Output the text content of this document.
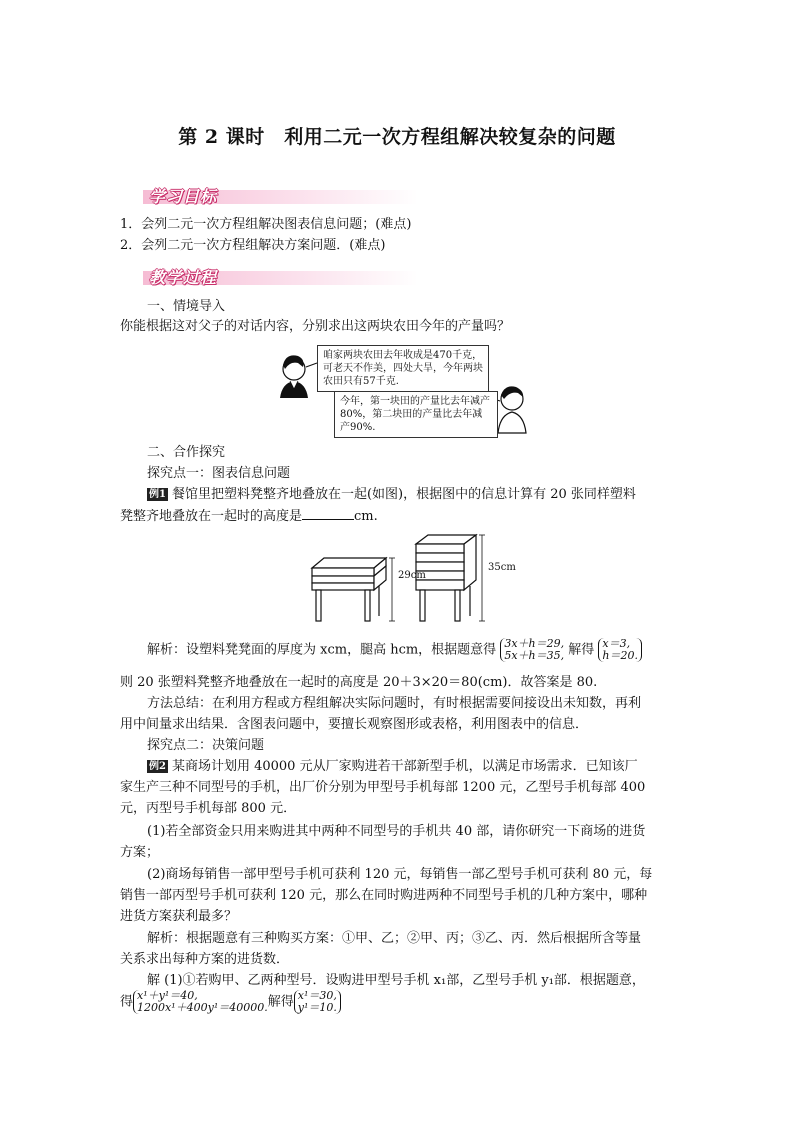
第 2 课时　利用二元一次方程组解决较复杂的问题
学习目标
1．会列二元一次方程组解决图表信息问题；(难点)
2．会列二元一次方程组解决方案问题．(难点)
教学过程
一、情境导入
你能根据这对父子的对话内容，分别求出这两块农田今年的产量吗？
咱家两块农田去年收成是470千克，可老天不作美，四处大旱，今年两块农田只有57千克.
今年，第一块田的产量比去年减产80%，第二块田的产量比去年减产90%.
二、合作探究
探究点一：图表信息问题
例1 餐馆里把塑料凳整齐地叠放在一起(如图)，根据图中的信息计算有 20 张同样塑料
凳整齐地叠放在一起时的高度是	cm.
29cm
35cm
解析：设塑料凳凳面的厚度为 xcm，腿高 hcm，根据题意得 3x＋h＝29,
5x＋h＝35, 解得 x＝3,
h＝20.
则 20 张塑料凳整齐地叠放在一起时的高度是 20＋3×20＝80(cm)．故答案是 80.
方法总结：在利用方程或方程组解决实际问题时，有时根据需要间接设出未知数，再利
用中间量求出结果．含图表问题中，要擅长观察图形或表格，利用图表中的信息．
探究点二：决策问题
例2 某商场计划用 40000 元从厂家购进若干部新型手机，以满足市场需求．已知该厂
家生产三种不同型号的手机，出厂价分别为甲型号手机每部 1200 元，乙型号手机每部 400
元，丙型号手机每部 800 元．
(1)若全部资金只用来购进其中两种不同型号的手机共 40 部，请你研究一下商场的进货
方案；
(2)商场每销售一部甲型号手机可获利 120 元，每销售一部乙型号手机可获利 80 元，每
销售一部丙型号手机可获利 120 元，那么在同时购进两种不同型号手机的几种方案中，哪种
进货方案获利最多？
解析：根据题意有三种购买方案：①甲、乙；②甲、丙；③乙、丙．然后根据所含等量
关系求出每种方案的进货数．
解 (1)①若购甲、乙两种型号．设购进甲型号手机 x₁部，乙型号手机 y₁部．根据题意，
得 x¹＋y¹＝40,
1200x¹＋400y¹＝40000.解得 x¹＝30,
y¹＝10.
